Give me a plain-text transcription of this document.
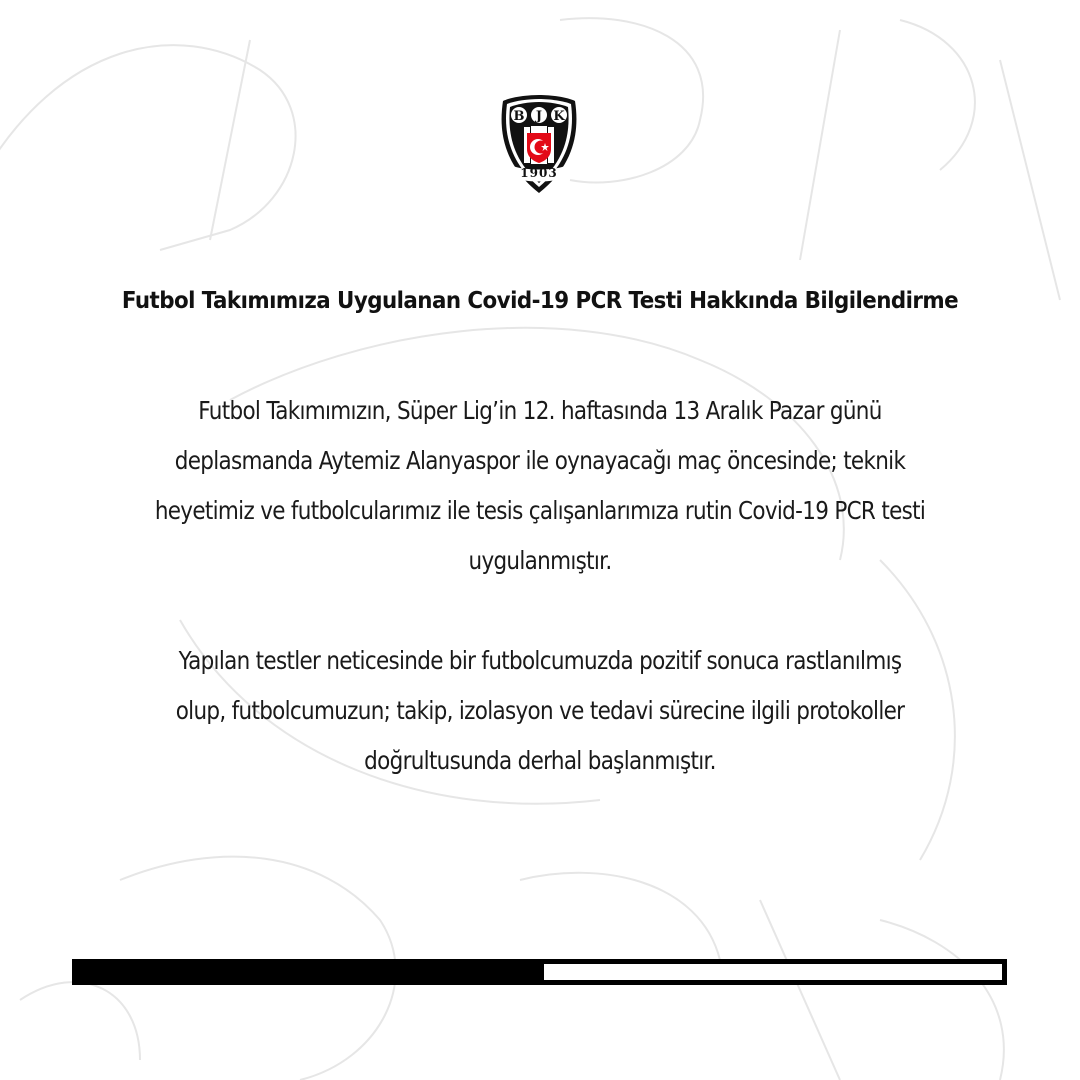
B J K
1903
Futbol Takımımıza Uygulanan Covid-19 PCR Testi Hakkında Bilgilendirme
Futbol Takımımızın, Süper Lig’in 12. haftasında 13 Aralık Pazar günü
deplasmanda Aytemiz Alanyaspor ile oynayacağı maç öncesinde; teknik
heyetimiz ve futbolcularımız ile tesis çalışanlarımıza rutin Covid-19 PCR testi
uygulanmıştır.
Yapılan testler neticesinde bir futbolcumuzda pozitif sonuca rastlanılmış
olup, futbolcumuzun; takip, izolasyon ve tedavi sürecine ilgili protokoller
doğrultusunda derhal başlanmıştır.
